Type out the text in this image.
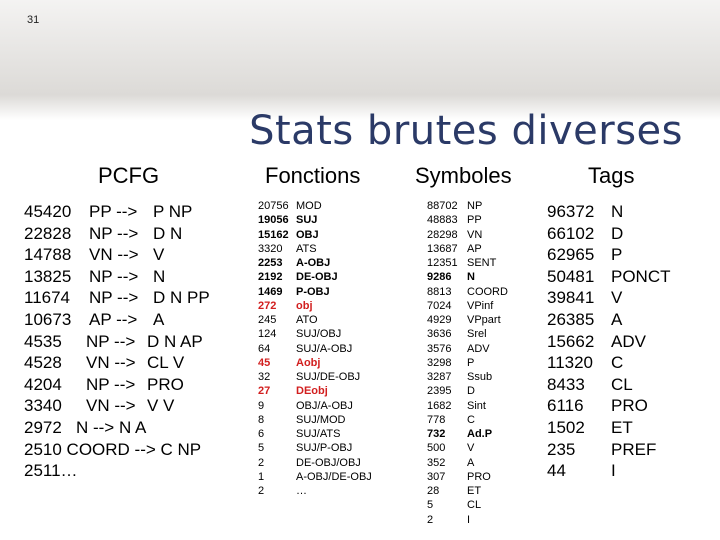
31
Stats brutes diverses
PCFG	Fonctions Symboles	Tags
45420 PP --> P NP
22828 NP --> D N
14788 VN --> V
13825 NP --> N
11674 NP --> D N PP
10673 AP --> A
4535 NP --> D N AP
4528 VN --> CL V
4204 NP --> PRO
3340 VN --> V V
2972   N --> N A
2510 COORD --> C NP
2511…
20756 MOD
19056 SUJ
15162 OBJ
3320 ATS
2253 A-OBJ
2192 DE-OBJ
1469 P-OBJ
272 obj
245 ATO
124 SUJ/OBJ
64 SUJ/A-OBJ
45 Aobj
32 SUJ/DE-OBJ
27 DEobj
9	OBJ/A-OBJ
8	SUJ/MOD
6	SUJ/ATS
5	SUJ/P-OBJ
2	DE-OBJ/OBJ
1	A-OBJ/DE-OBJ
2	…
88702 NP
48883 PP
28298 VN
13687 AP
12351 SENT
9286 N
8813 COORD
7024 VPinf
4929 VPpart
3636 Srel
3576 ADV
3298 P
3287 Ssub
2395 D
1682 Sint
778 C
732 Ad.P
500 V
352 A
307 PRO
28	ET
5	CL
2	I
96372 N
66102 D
62965 P
50481 PONCT
39841 V
26385 A
15662 ADV
11320 C
8433 CL
6116 PRO
1502 ET
235 PREF
44	I
